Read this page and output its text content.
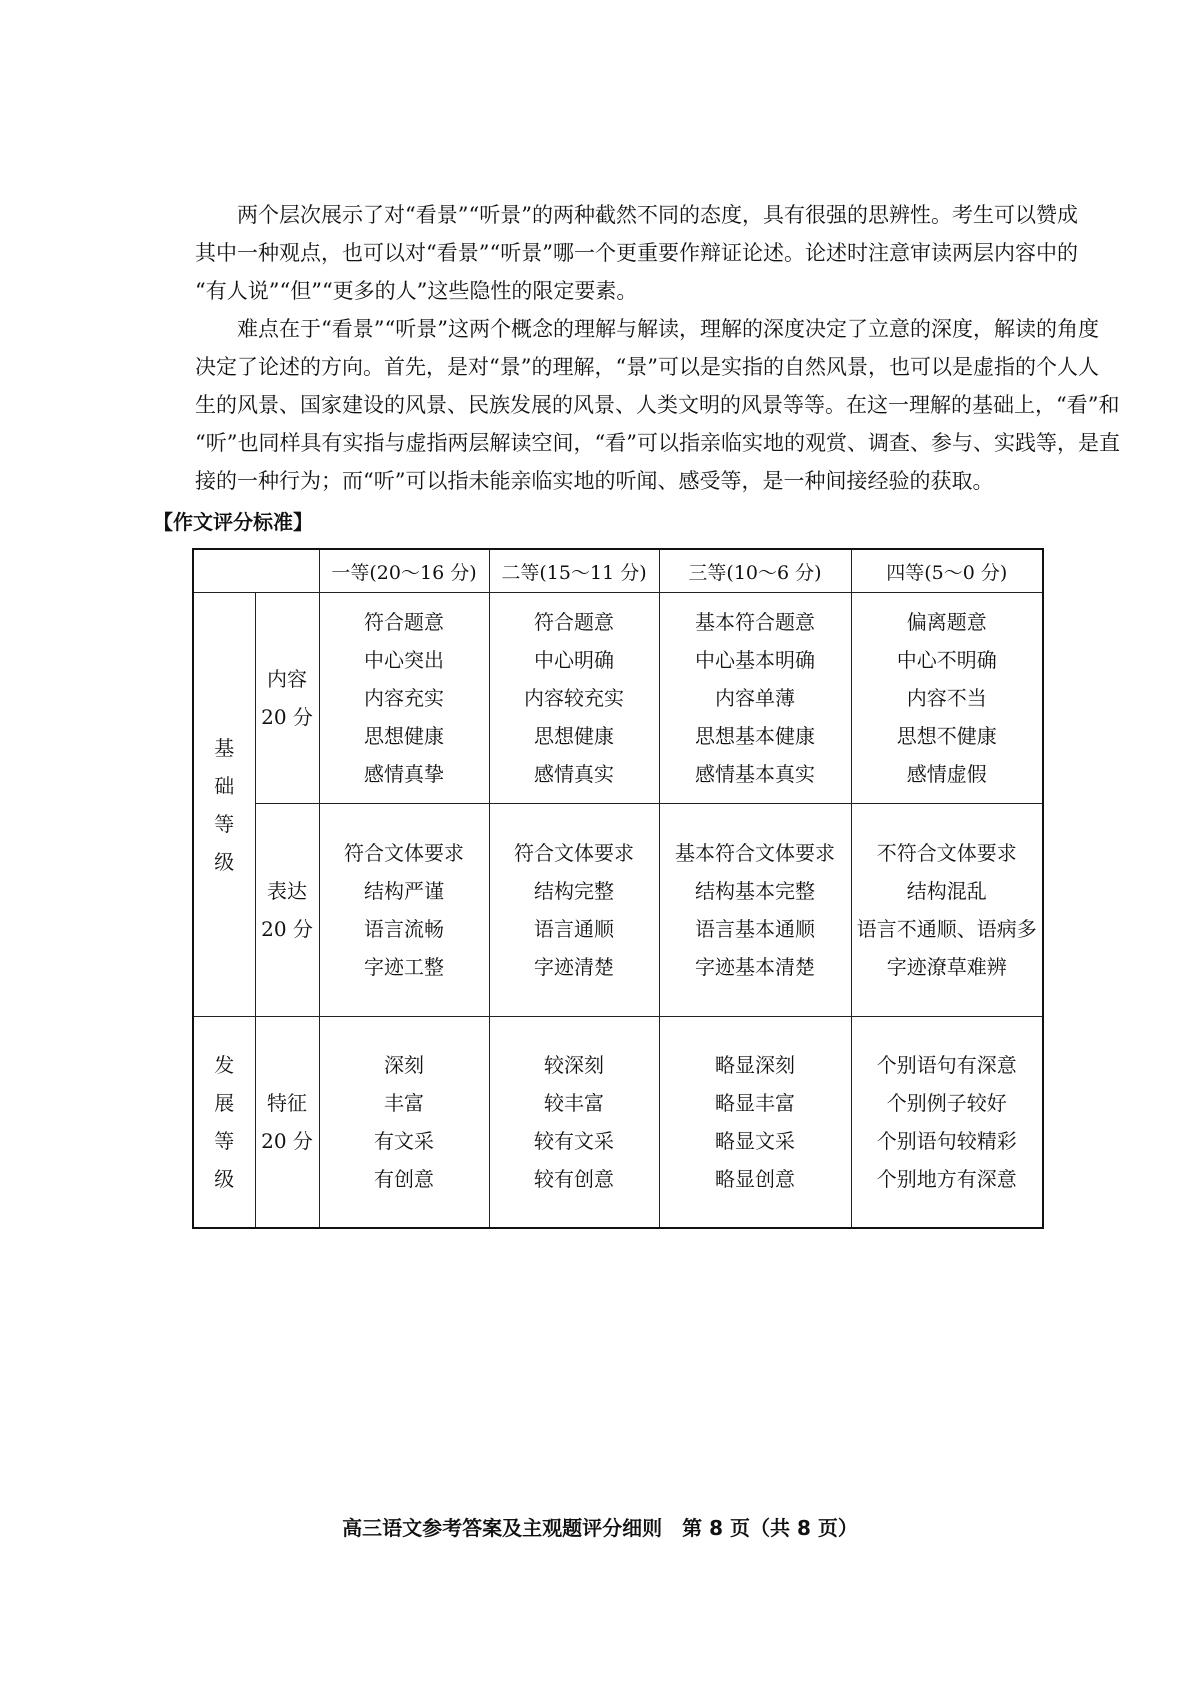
两个层次展示了对“看景”“听景”的两种截然不同的态度，具有很强的思辨性。考生可以赞成
其中一种观点，也可以对“看景”“听景”哪一个更重要作辩证论述。论述时注意审读两层内容中的
“有人说”“但”“更多的人”这些隐性的限定要素。

难点在于“看景”“听景”这两个概念的理解与解读，理解的深度决定了立意的深度，解读的角度
决定了论述的方向。首先，是对“景”的理解，“景”可以是实指的自然风景，也可以是虚指的个人人
生的风景、国家建设的风景、民族发展的风景、人类文明的风景等等。在这一理解的基础上，“看”和
“听”也同样具有实指与虚指两层解读空间，“看”可以指亲临实地的观赏、调查、参与、实践等，是直
接的一种行为；而“听”可以指未能亲临实地的听闻、感受等，是一种间接经验的获取。

【作文评分标准】
		一等(20～16 分)	二等(15～11 分)	三等(10～6 分)	四等(5～0 分)

基
础
等
级	内容
20 分	符合题意
中心突出
内容充实
思想健康
感情真挚	符合题意
中心明确
内容较充实
思想健康
感情真实	基本符合题意
中心基本明确
内容单薄
思想基本健康
感情基本真实	偏离题意
中心不明确
内容不当
思想不健康
感情虚假

	表达
20 分	符合文体要求
结构严谨
语言流畅
字迹工整	符合文体要求
结构完整
语言通顺
字迹清楚	基本符合文体要求
结构基本完整
语言基本通顺
字迹基本清楚	不符合文体要求
结构混乱
语言不通顺、语病多
字迹潦草难辨

发
展
等
级	特征
20 分	深刻
丰富
有文采
有创意	较深刻
较丰富
较有文采
较有创意	略显深刻
略显丰富
略显文采
略显创意	个别语句有深意
个别例子较好
个别语句较精彩
个别地方有深意

高三语文参考答案及主观题评分细则　第 8 页（共 8 页）
